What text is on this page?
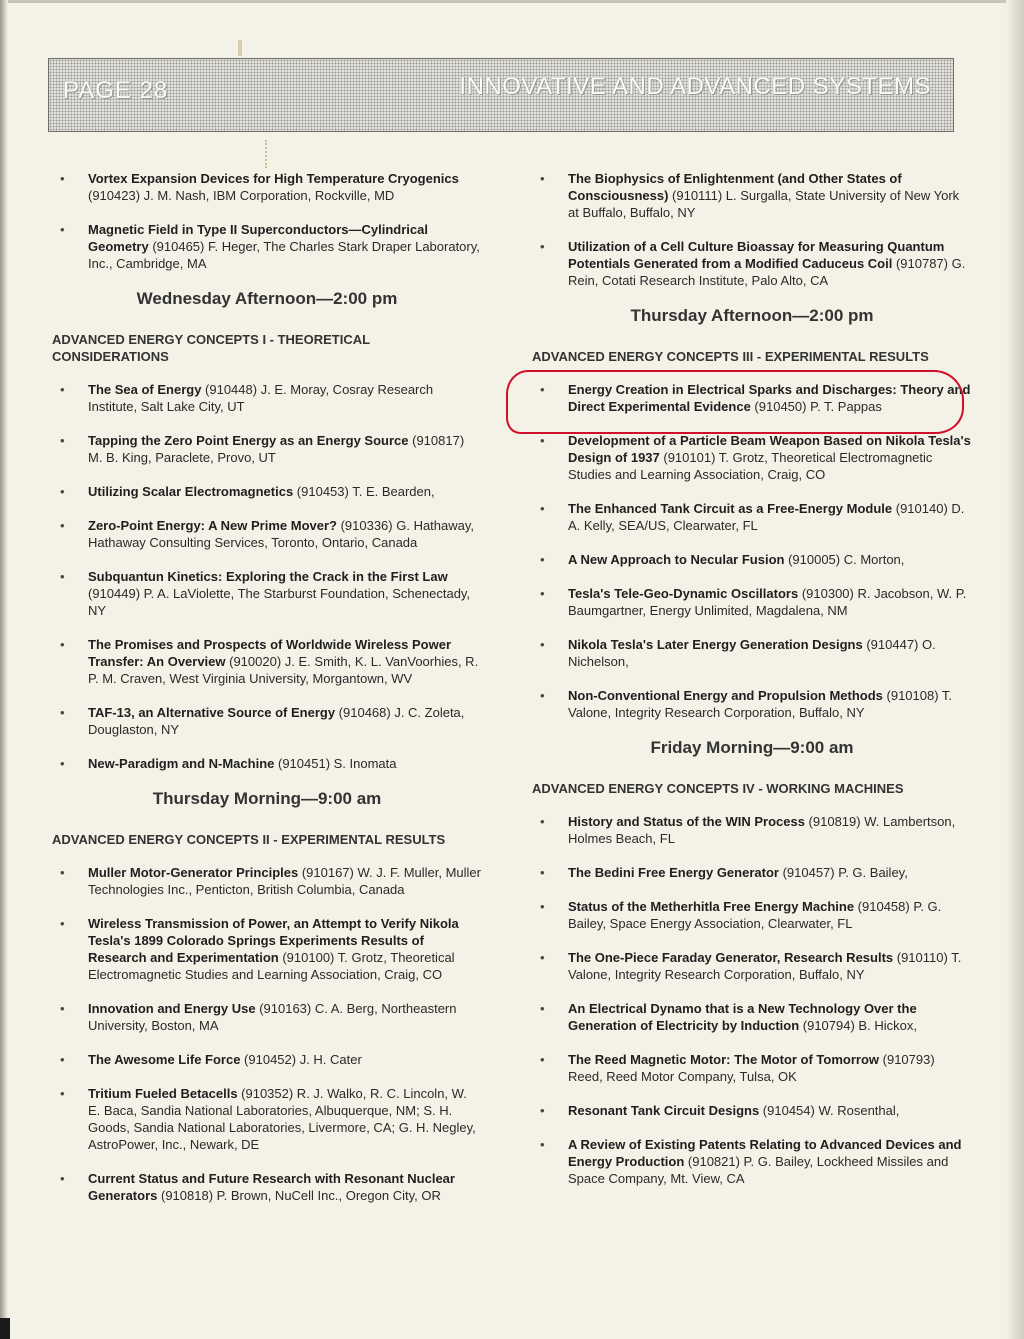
PAGE 28	INNOVATIVE AND ADVANCED SYSTEMS
• Vortex Expansion Devices for High Temperature Cryogenics (910423) J. M. Nash, IBM Corporation, Rockville, MD
• Magnetic Field in Type II Superconductors—Cylindrical Geometry (910465) F. Heger, The Charles Stark Draper Laboratory, Inc., Cambridge, MA
Wednesday Afternoon—2:00 pm
ADVANCED ENERGY CONCEPTS I - THEORETICAL CONSIDERATIONS
• The Sea of Energy (910448) J. E. Moray, Cosray Research Institute, Salt Lake City, UT
• Tapping the Zero Point Energy as an Energy Source (910817) M. B. King, Paraclete, Provo, UT
• Utilizing Scalar Electromagnetics (910453) T. E. Bearden,
• Zero-Point Energy: A New Prime Mover? (910336) G. Hathaway, Hathaway Consulting Services, Toronto, Ontario, Canada
• Subquantun Kinetics: Exploring the Crack in the First Law (910449) P. A. LaViolette, The Starburst Foundation, Schenectady, NY
• The Promises and Prospects of Worldwide Wireless Power Transfer: An Overview (910020) J. E. Smith, K. L. VanVoorhies, R. P. M. Craven, West Virginia University, Morgantown, WV
• TAF-13, an Alternative Source of Energy (910468) J. C. Zoleta, Douglaston, NY
• New-Paradigm and N-Machine (910451) S. Inomata
Thursday Morning—9:00 am
ADVANCED ENERGY CONCEPTS II - EXPERIMENTAL RESULTS
• Muller Motor-Generator Principles (910167) W. J. F. Muller, Muller Technologies Inc., Penticton, British Columbia, Canada
• Wireless Transmission of Power, an Attempt to Verify Nikola Tesla's 1899 Colorado Springs Experiments Results of Research and Experimentation (910100) T. Grotz, Theoretical Electromagnetic Studies and Learning Association, Craig, CO
• Innovation and Energy Use (910163) C. A. Berg, Northeastern University, Boston, MA
• The Awesome Life Force (910452) J. H. Cater
• Tritium Fueled Betacells (910352) R. J. Walko, R. C. Lincoln, W. E. Baca, Sandia National Laboratories, Albuquerque, NM; S. H. Goods, Sandia National Laboratories, Livermore, CA; G. H. Negley, AstroPower, Inc., Newark, DE
• Current Status and Future Research with Resonant Nuclear Generators (910818) P. Brown, NuCell Inc., Oregon City, OR
• The Biophysics of Enlightenment (and Other States of Consciousness) (910111) L. Surgalla, State University of New York at Buffalo, Buffalo, NY
• Utilization of a Cell Culture Bioassay for Measuring Quantum Potentials Generated from a Modified Caduceus Coil (910787) G. Rein, Cotati Research Institute, Palo Alto, CA
Thursday Afternoon—2:00 pm
ADVANCED ENERGY CONCEPTS III - EXPERIMENTAL RESULTS
• Energy Creation in Electrical Sparks and Discharges: Theory and Direct Experimental Evidence (910450) P. T. Pappas
• Development of a Particle Beam Weapon Based on Nikola Tesla's Design of 1937 (910101) T. Grotz, Theoretical Electromagnetic Studies and Learning Association, Craig, CO
• The Enhanced Tank Circuit as a Free-Energy Module (910140) D. A. Kelly, SEA/US, Clearwater, FL
• A New Approach to Necular Fusion (910005) C. Morton,
• Tesla's Tele-Geo-Dynamic Oscillators (910300) R. Jacobson, W. P. Baumgartner, Energy Unlimited, Magdalena, NM
• Nikola Tesla's Later Energy Generation Designs (910447) O. Nichelson,
• Non-Conventional Energy and Propulsion Methods (910108) T. Valone, Integrity Research Corporation, Buffalo, NY
Friday Morning—9:00 am
ADVANCED ENERGY CONCEPTS IV - WORKING MACHINES
• History and Status of the WIN Process (910819) W. Lambertson, Holmes Beach, FL
• The Bedini Free Energy Generator (910457) P. G. Bailey,
• Status of the Metherhitla Free Energy Machine (910458) P. G. Bailey, Space Energy Association, Clearwater, FL
• The One-Piece Faraday Generator, Research Results (910110) T. Valone, Integrity Research Corporation, Buffalo, NY
• An Electrical Dynamo that is a New Technology Over the Generation of Electricity by Induction (910794) B. Hickox,
• The Reed Magnetic Motor: The Motor of Tomorrow (910793) Reed, Reed Motor Company, Tulsa, OK
• Resonant Tank Circuit Designs (910454) W. Rosenthal,
• A Review of Existing Patents Relating to Advanced Devices and Energy Production (910821) P. G. Bailey, Lockheed Missiles and Space Company, Mt. View, CA
